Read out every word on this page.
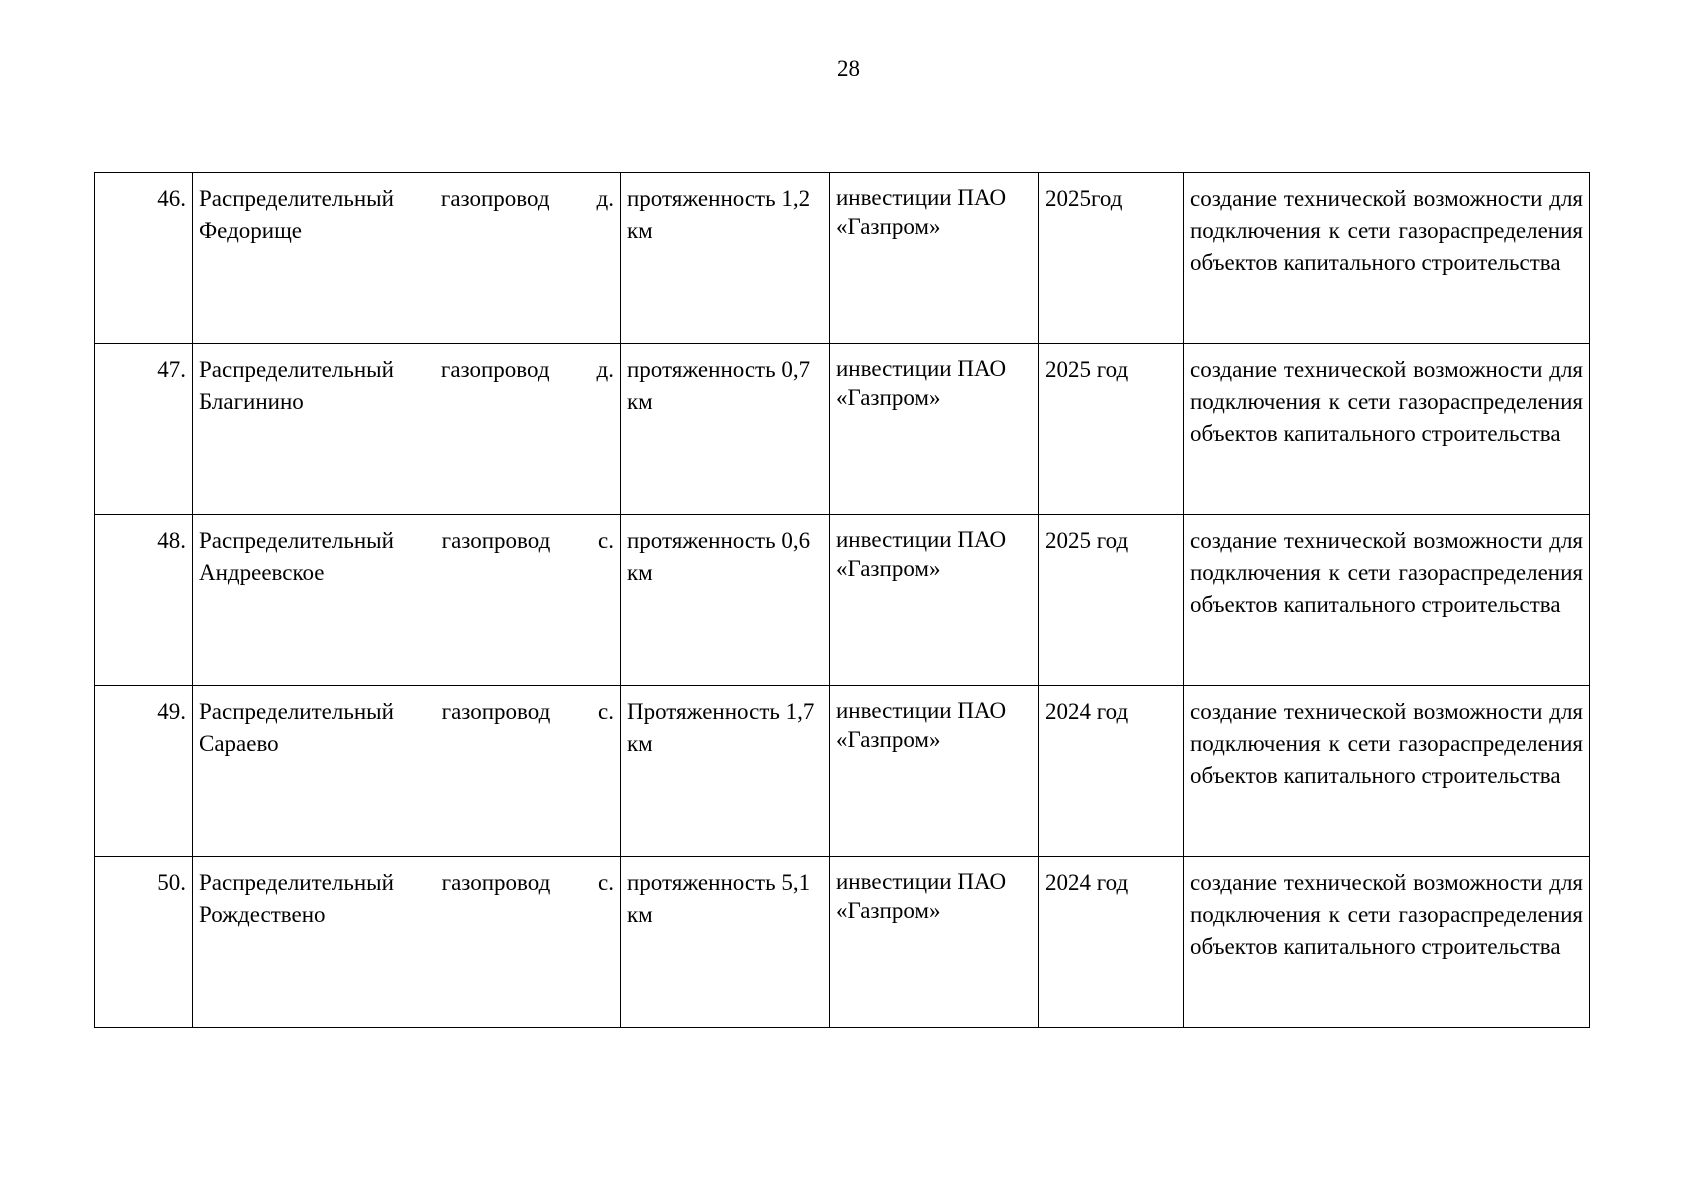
28
46.	Распределительный газопровод д. Федорище	протяженность 1,2 км	инвестиции ПАО «Газпром»	2025год	создание технической возможности для подключения к сети газораспределения объектов капитального строительства

47.	Распределительный газопровод д. Благинино	протяженность 0,7 км	инвестиции ПАО «Газпром»	2025 год	создание технической возможности для подключения к сети газораспределения объектов капитального строительства

48.	Распределительный газопровод с. Андреевское	протяженность 0,6 км	инвестиции ПАО «Газпром»	2025 год	создание технической возможности для подключения к сети газораспределения объектов капитального строительства

49.	Распределительный газопровод с. Сараево	Протяженность 1,7 км	инвестиции ПАО «Газпром»	2024 год	создание технической возможности для подключения к сети газораспределения объектов капитального строительства

50.	Распределительный газопровод с. Рождествено	протяженность 5,1 км	инвестиции ПАО «Газпром»	2024 год	создание технической возможности для подключения к сети газораспределения объектов капитального строительства
